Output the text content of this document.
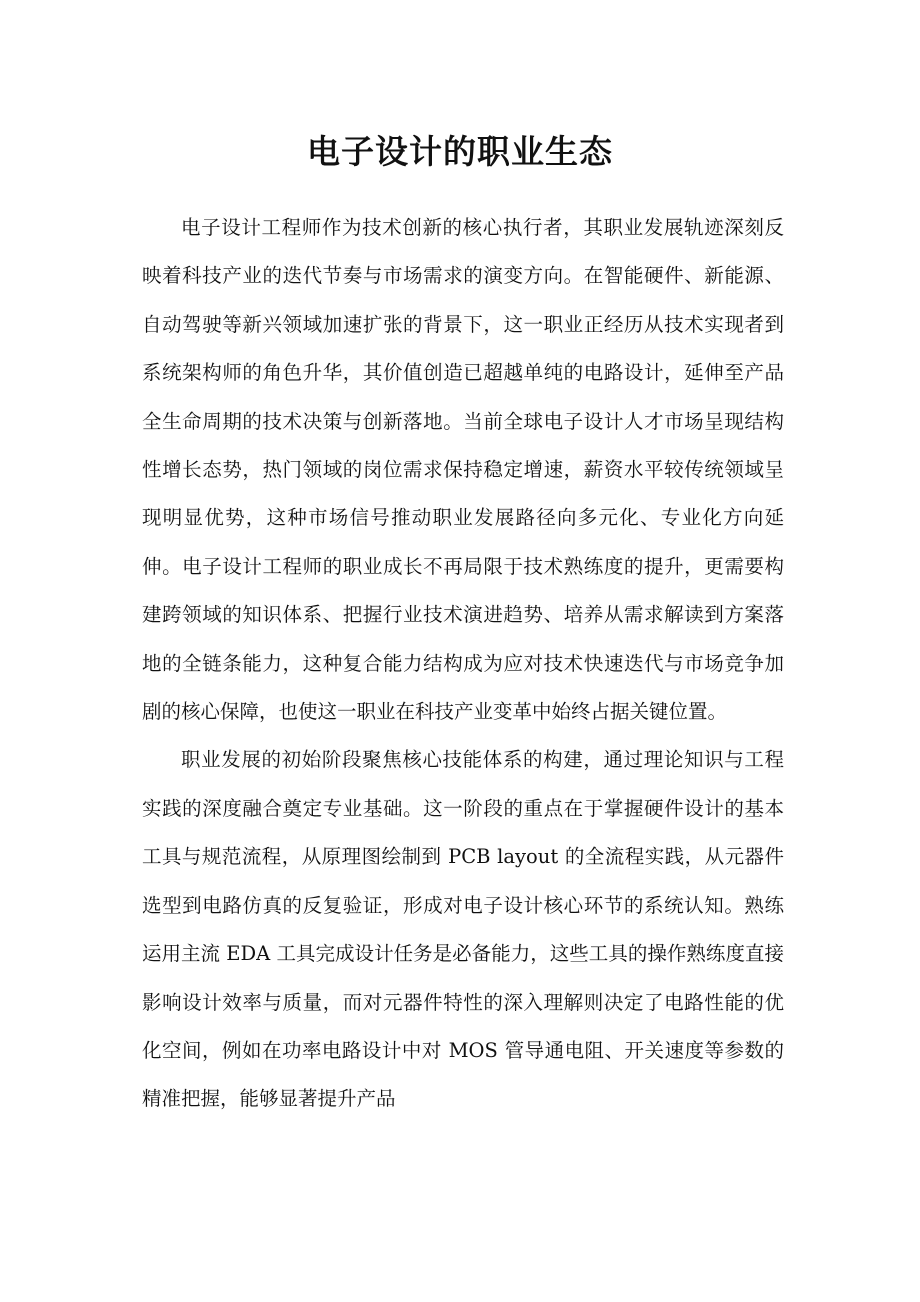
电子设计的职业生态

电子设计工程师作为技术创新的核心执行者，其职业发展轨迹深刻反映着科技产业的迭代节奏与市场需求的演变方向。在智能硬件、新能源、自动驾驶等新兴领域加速扩张的背景下，这一职业正经历从技术实现者到系统架构师的角色升华，其价值创造已超越单纯的电路设计，延伸至产品全生命周期的技术决策与创新落地。当前全球电子设计人才市场呈现结构性增长态势，热门领域的岗位需求保持稳定增速，薪资水平较传统领域呈现明显优势，这种市场信号推动职业发展路径向多元化、专业化方向延伸。电子设计工程师的职业成长不再局限于技术熟练度的提升，更需要构建跨领域的知识体系、把握行业技术演进趋势、培养从需求解读到方案落地的全链条能力，这种复合能力结构成为应对技术快速迭代与市场竞争加剧的核心保障，也使这一职业在科技产业变革中始终占据关键位置。

职业发展的初始阶段聚焦核心技能体系的构建，通过理论知识与工程实践的深度融合奠定专业基础。这一阶段的重点在于掌握硬件设计的基本工具与规范流程，从原理图绘制到 PCB layout 的全流程实践，从元器件选型到电路仿真的反复验证，形成对电子设计核心环节的系统认知。熟练运用主流 EDA 工具完成设计任务是必备能力，这些工具的操作熟练度直接影响设计效率与质量，而对元器件特性的深入理解则决定了电路性能的优化空间，例如在功率电路设计中对 MOS 管导通电阻、开关速度等参数的精准把握，能够显著提升产品
